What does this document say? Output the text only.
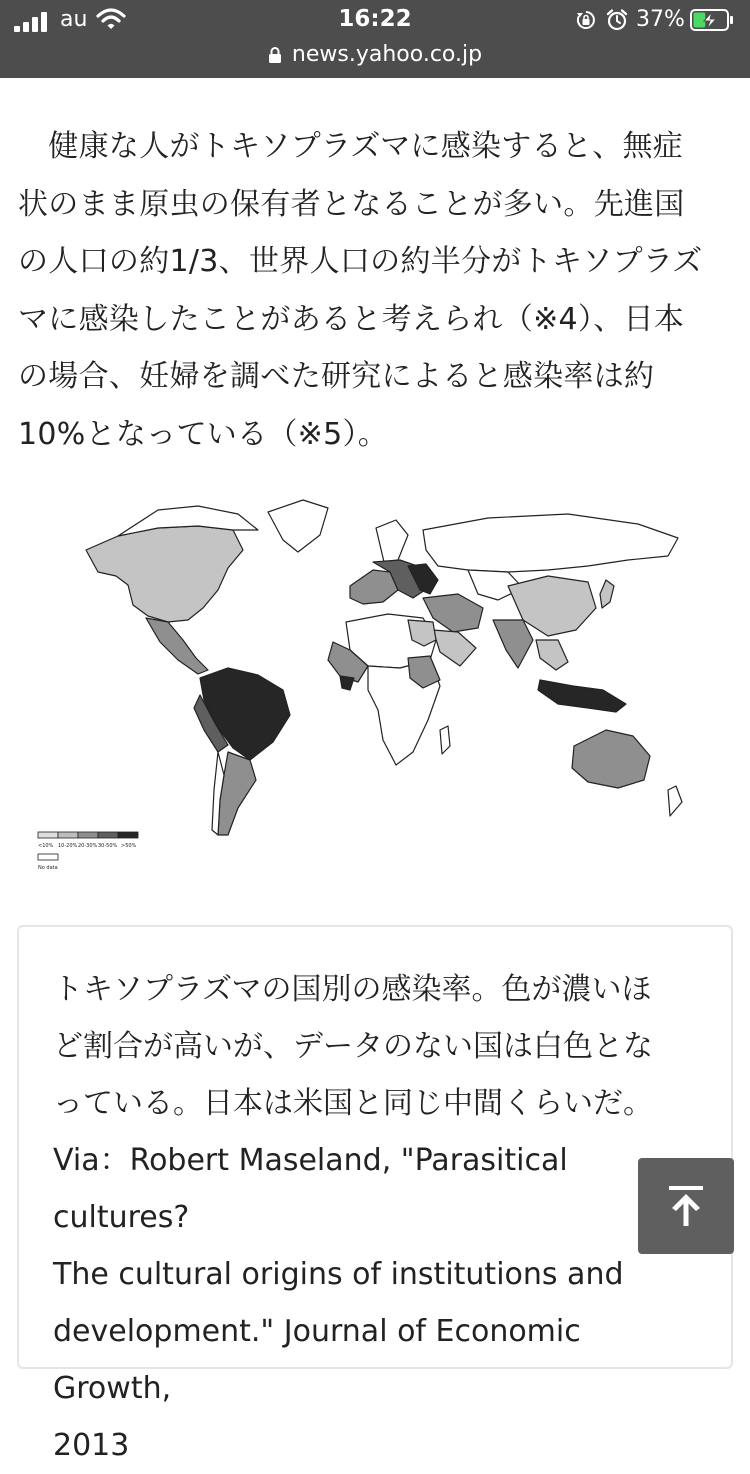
au	16:22	37%
news.yahoo.co.jp
　健康な人がトキソプラズマに感染すると、無症
状のまま原虫の保有者となることが多い。先進国
の人口の約1/3、世界人口の約半分がトキソプラズ
マに感染したことがあると考えられ（※4）、日本
の場合、妊婦を調べた研究によると感染率は約
10%となっている（※5）。
<10% 10-20% 20-30% 30-50% >50%
No data
トキソプラズマの国別の感染率。色が濃いほ
ど割合が高いが、データのない国は白色とな
っている。日本は米国と同じ中間くらいだ。
Via：Robert Maseland, "Parasitical cultures?
The cultural origins of institutions and
development." Journal of Economic Growth,
2013
